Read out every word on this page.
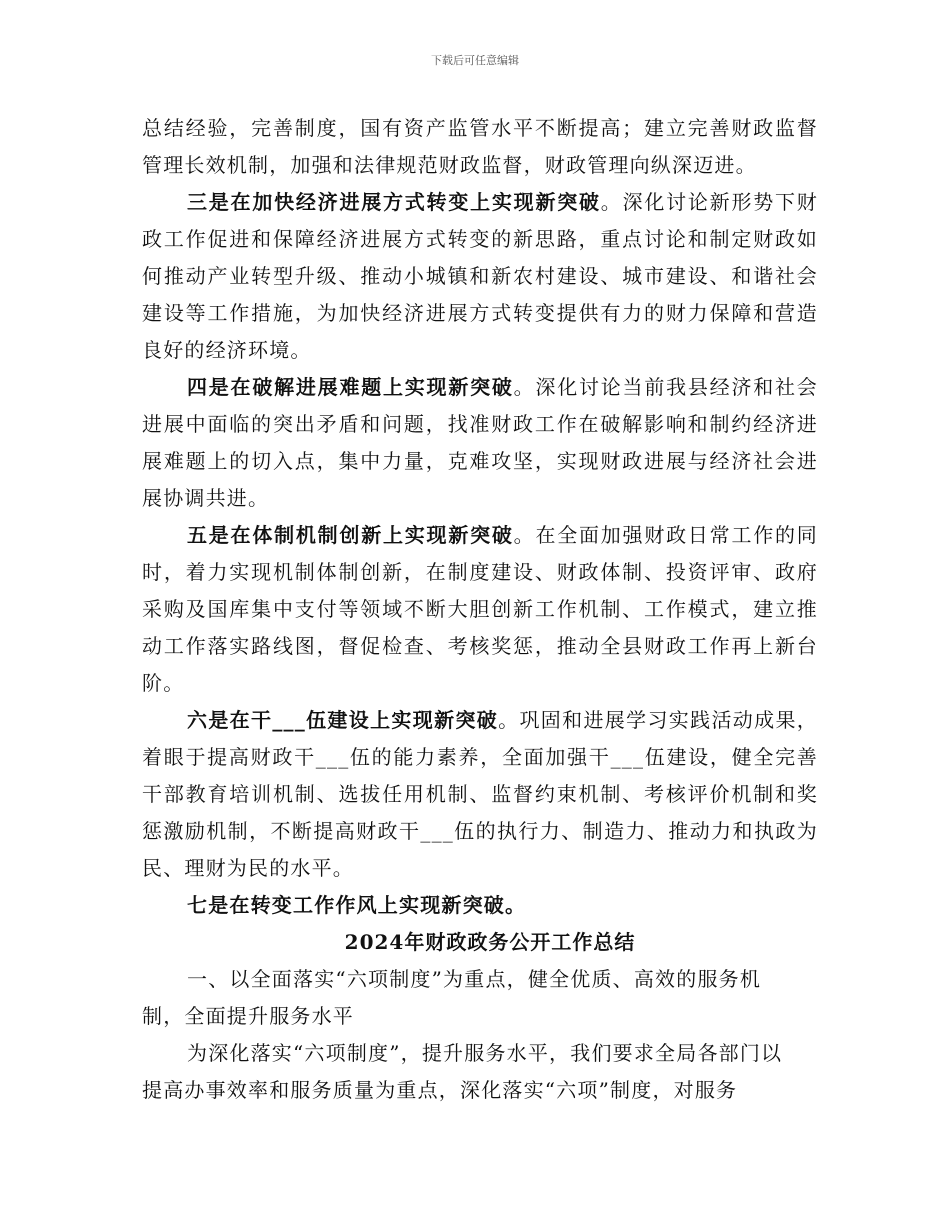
下载后可任意编辑

总结经验，完善制度，国有资产监管水平不断提高；建立完善财政监督管理长效机制，加强和法律规范财政监督，财政管理向纵深迈进。

三是在加快经济进展方式转变上实现新突破。深化讨论新形势下财政工作促进和保障经济进展方式转变的新思路，重点讨论和制定财政如何推动产业转型升级、推动小城镇和新农村建设、城市建设、和谐社会建设等工作措施，为加快经济进展方式转变提供有力的财力保障和营造良好的经济环境。

四是在破解进展难题上实现新突破。深化讨论当前我县经济和社会进展中面临的突出矛盾和问题，找准财政工作在破解影响和制约经济进展难题上的切入点，集中力量，克难攻坚，实现财政进展与经济社会进展协调共进。

五是在体制机制创新上实现新突破。在全面加强财政日常工作的同时，着力实现机制体制创新，在制度建设、财政体制、投资评审、政府采购及国库集中支付等领域不断大胆创新工作机制、工作模式，建立推动工作落实路线图，督促检查、考核奖惩，推动全县财政工作再上新台阶。

六是在干___伍建设上实现新突破。巩固和进展学习实践活动成果，着眼于提高财政干___伍的能力素养，全面加强干___伍建设，健全完善干部教育培训机制、选拔任用机制、监督约束机制、考核评价机制和奖惩激励机制，不断提高财政干___伍的执行力、制造力、推动力和执政为民、理财为民的水平。

七是在转变工作作风上实现新突破。

2024年财政政务公开工作总结

一、以全面落实“六项制度”为重点，健全优质、高效的服务机制，全面提升服务水平

为深化落实“六项制度”，提升服务水平，我们要求全局各部门以提高办事效率和服务质量为重点，深化落实“六项”制度，对服务
